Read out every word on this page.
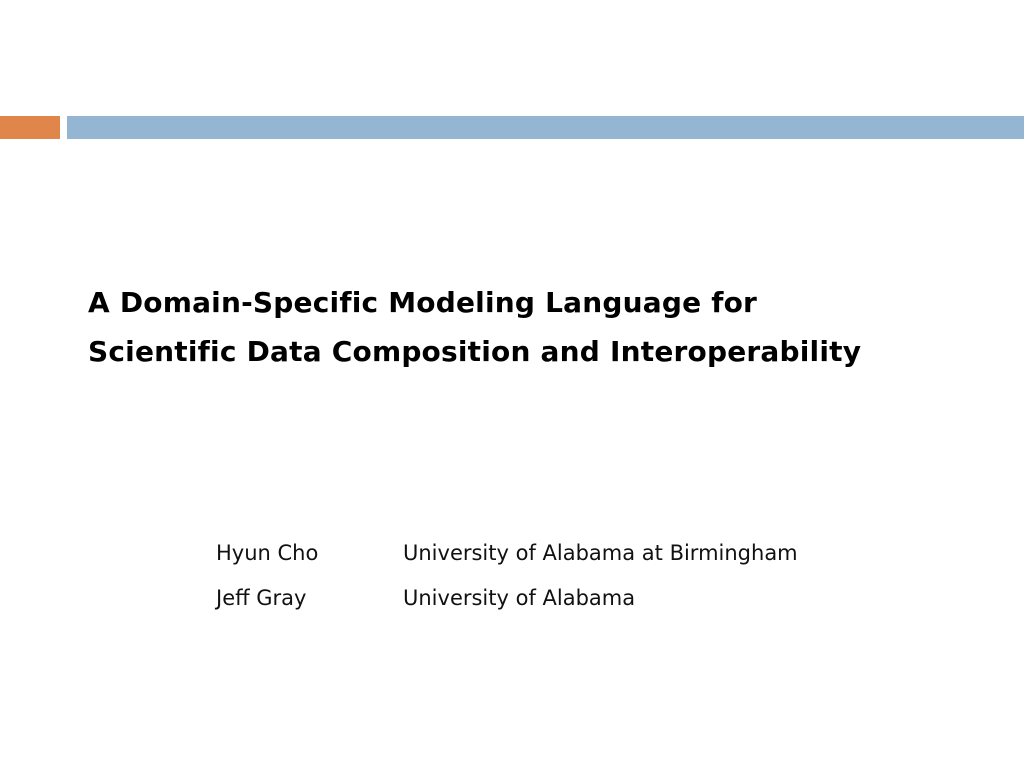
A Domain-Specific Modeling Language for
Scientific Data Composition and Interoperability
Hyun Cho	University of Alabama at Birmingham
Jeff Gray	University of Alabama
